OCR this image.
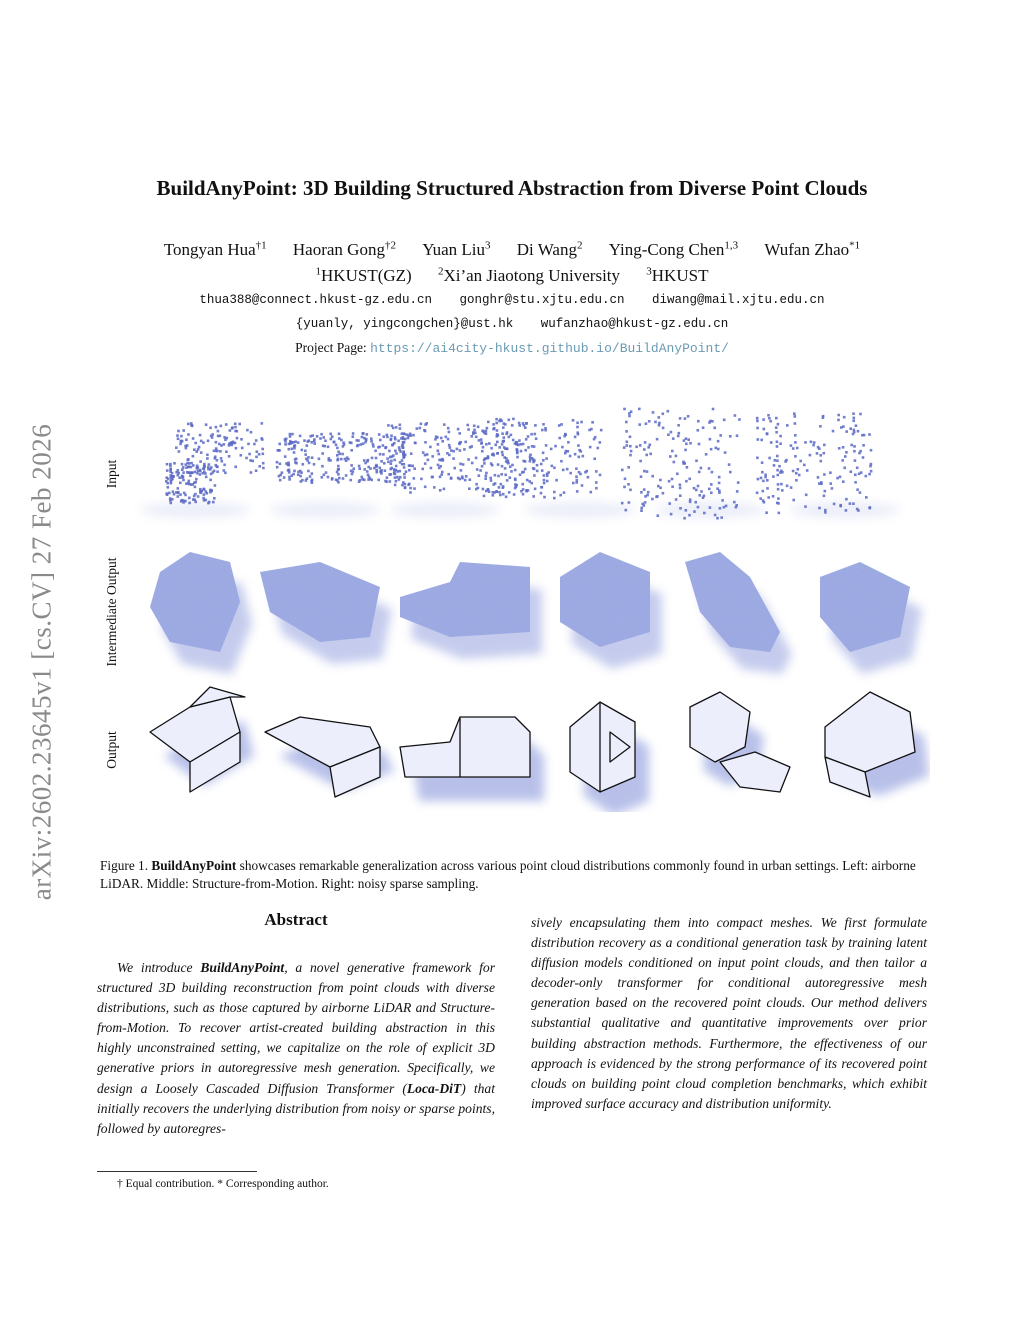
arXiv:2602.23645v1 [cs.CV] 27 Feb 2026
BuildAnyPoint: 3D Building Structured Abstraction from Diverse Point Clouds
Tongyan Hua$^{\dagger 1}$ Haoran Gong$^{\dagger 2}$ Yuan Liu$^3$ Di Wang$^2$ Ying-Cong Chen$^{1,3}$ Wufan Zhao$^{*1}$
$^1$HKUST(GZ) $^2$Xi’an Jiaotong University $^3$HKUST
thua388@connect.hkust-gz.edu.cn gonghr@stu.xjtu.edu.cn diwang@mail.xjtu.edu.cn
{yuanly, yingcongchen}@ust.hk wufanzhao@hkust-gz.edu.cn
Project Page: https://ai4city-hkust.github.io/BuildAnyPoint/
Input
Intermediate Output
Output
Figure 1. BuildAnyPoint showcases remarkable generalization across various point cloud distributions commonly found in urban settings. Left: airborne LiDAR. Middle: Structure-from-Motion. Right: noisy sparse sampling.
Abstract
We introduce BuildAnyPoint, a novel generative framework for structured 3D building reconstruction from point clouds with diverse distributions, such as those captured by airborne LiDAR and Structure-from-Motion. To recover artist-created building abstraction in this highly unconstrained setting, we capitalize on the role of explicit 3D generative priors in autoregressive mesh generation. Specifically, we design a Loosely Cascaded Diffusion Transformer (Loca-DiT) that initially recovers the underlying distribution from noisy or sparse points, followed by autoregres-
sively encapsulating them into compact meshes. We first formulate distribution recovery as a conditional generation task by training latent diffusion models conditioned on input point clouds, and then tailor a decoder-only transformer for conditional autoregressive mesh generation based on the recovered point clouds. Our method delivers substantial qualitative and quantitative improvements over prior building abstraction methods. Furthermore, the effectiveness of our approach is evidenced by the strong performance of its recovered point clouds on building point cloud completion benchmarks, which exhibit improved surface accuracy and distribution uniformity.
† Equal contribution. * Corresponding author.
